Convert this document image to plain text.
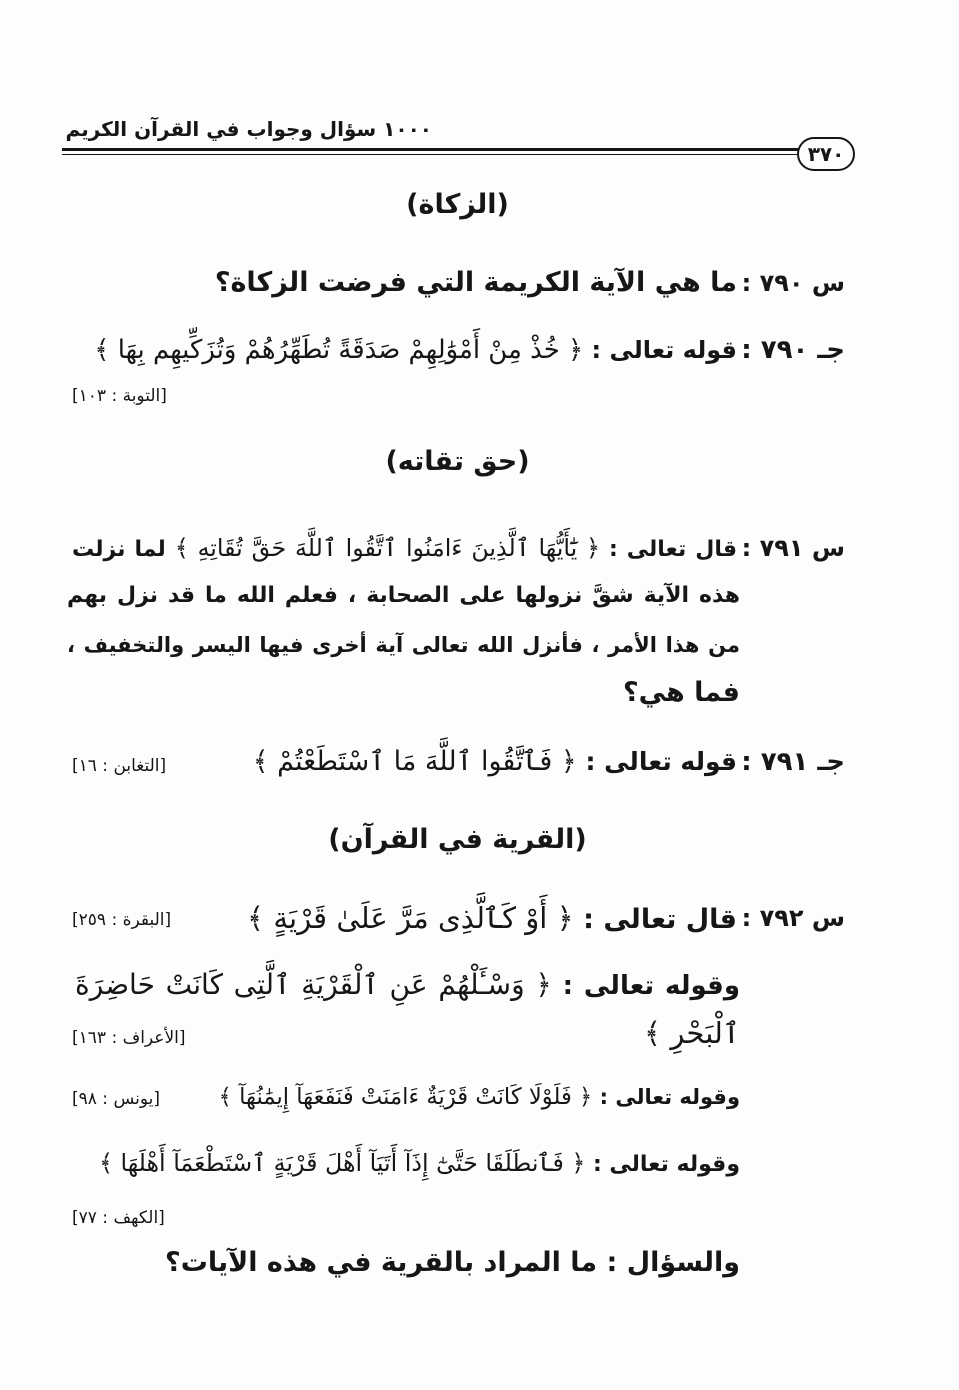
١٠٠٠ سؤال وجواب في القرآن الكريم
٣٧٠
(الزكاة)
س ٧٩٠ :
ما هي الآية الكريمة التي فرضت الزكاة؟
جـ ٧٩٠ :
قوله تعالى : ﴿ خُذْ مِنْ أَمْوَٰلِهِمْ صَدَقَةً تُطَهِّرُهُمْ وَتُزَكِّيهِم بِهَا ﴾
[التوبة : ١٠٣]
(حق تقاته)
س ٧٩١ :
قال تعالى : ﴿ يَٰٓأَيُّهَا ٱلَّذِينَ ءَامَنُوا ٱتَّقُوا ٱللَّهَ حَقَّ تُقَاتِهِ ﴾ لما نزلت
هذه الآية شقَّ نزولها على الصحابة ، فعلم الله ما قد نزل بهم
من هذا الأمر ، فأنزل الله تعالى آية أخرى فيها اليسر والتخفيف ،
فما هي؟
جـ ٧٩١ :
قوله تعالى : ﴿ فَٱتَّقُوا ٱللَّهَ مَا ٱسْتَطَعْتُمْ ﴾
[التغابن : ١٦]
(القرية في القرآن)
س ٧٩٢ :
قال تعالى : ﴿ أَوْ كَٱلَّذِى مَرَّ عَلَىٰ قَرْيَةٍ ﴾
[البقرة : ٢٥٩]
وقوله تعالى : ﴿ وَسْـَٔلْهُمْ عَنِ ٱلْقَرْيَةِ ٱلَّتِى كَانَتْ حَاضِرَةَ
ٱلْبَحْرِ ﴾
[الأعراف : ١٦٣]
وقوله تعالى : ﴿ فَلَوْلَا كَانَتْ قَرْيَةٌ ءَامَنَتْ فَنَفَعَهَآ إِيمَٰنُهَآ ﴾
[يونس : ٩٨]
وقوله تعالى : ﴿ فَٱنطَلَقَا حَتَّىٰٓ إِذَآ أَتَيَآ أَهْلَ قَرْيَةٍ ٱسْتَطْعَمَآ أَهْلَهَا ﴾
[الكهف : ٧٧]
والسؤال : ما المراد بالقرية في هذه الآيات؟
